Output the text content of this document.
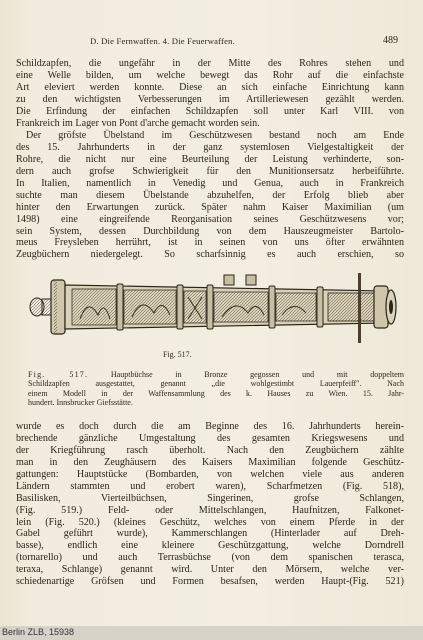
D. Die Fernwaffen. 4. Die Feuerwaffen.	489
Schildzapfen, die ungefähr in der Mitte des Rohres stehen und
eine Welle bilden, um welche bewegt das Rohr auf die einfachste
Art eleviert werden konnte. Diese an sich einfache Einrichtung kann
zu den wichtigsten Verbesserungen im Artilleriewesen gezählt werden.
Die Erfindung der einfachen Schildzapfen soll unter Karl VIII. von
Frankreich im Lager von Pont d'arche gemacht worden sein.
Der gröfste Übelstand im Geschützwesen bestand noch am Ende
des 15. Jahrhunderts in der ganz systemlosen Vielgestaltigkeit der
Rohre, die nicht nur eine Beurteilung der Leistung verhinderte, son-
dern auch grofse Schwierigkeit für den Munitionsersatz herbeiführte.
In Italien, namentlich in Venedig und Genua, auch in Frankreich
suchte man diesem Übelstande abzuhelfen, der Erfolg blieb aber
hinter den Erwartungen zurück. Später nahm Kaiser Maximilian (um
1498) eine eingreifende Reorganisation seines Geschützwesens vor;
sein System, dessen Durchbildung von dem Hauszeugmeister Bartolo-
meus Freysleben herrührt, ist in seinen von uns öfter erwähnten
Zeugbüchern niedergelegt. So scharfsinnig es auch erschien, so
Fig. 517.
Fig. 517.	Hauptbüchse in Bronze gegossen und mit doppeltem
Schildzapfen ausgestattet, genannt „die wohlgestimbt Lauerpfeiff". Nach
einem Modell in der Waffensammlung des k. Hauses zu Wien. 15. Jahr-
hundert. Innsbrucker Giefsstätte.
wurde es doch durch die am Beginne des 16. Jahrhunderts herein-
brechende gänzliche Umgestaltung des gesamten Kriegswesens und
der Kriegführung rasch überholt. Nach den Zeugbüchern zählte
man in den Zeughäusern des Kaisers Maximilian folgende Geschütz-
gattungen: Hauptstücke (Bombarden, von welchen viele aus anderen
Ländern stammten und erobert waren), Scharfmetzen (Fig. 518),
Basilisken, Vierteilbüchsen, Singerinen, grofse Schlangen,
(Fig. 519.) Feld- oder Mittelschlangen, Haufnitzen, Falkonet-
lein (Fig. 520.) (kleines Geschütz, welches von einem Pferde in der
Gabel geführt wurde), Kammerschlangen (Hinterlader auf Dreh-
basse), endlich eine kleinere Geschützgattung, welche Dorndrell
(tornarello) und auch Terrasbüchse (von dem spanischen terasca,
teraxa, Schlange) genannt wird. Unter den Mörsern, welche ver-
schiedenartige Gröfsen und Formen besafsen, werden Haupt-(Fig. 521)
Berlin ZLB, 15938
